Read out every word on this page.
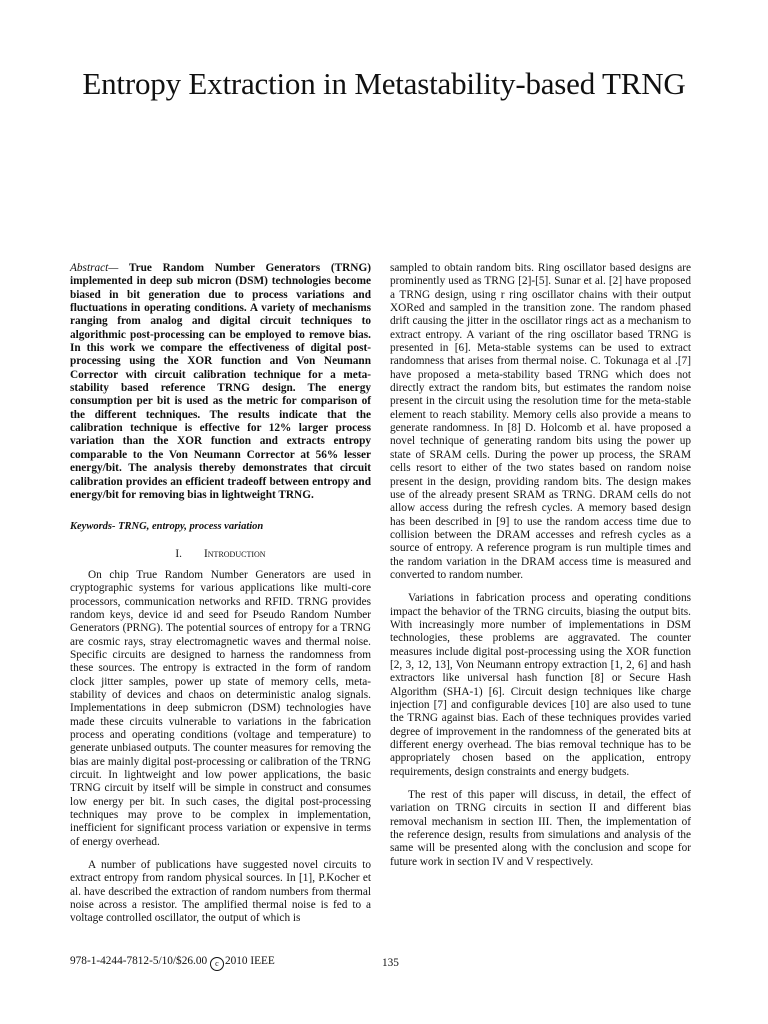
Entropy Extraction in Metastability-based TRNG

Abstract— True Random Number Generators (TRNG) implemented in deep sub micron (DSM) technologies become biased in bit generation due to process variations and fluctuations in operating conditions. A variety of mechanisms ranging from analog and digital circuit techniques to algorithmic post-processing can be employed to remove bias. In this work we compare the effectiveness of digital post-processing using the XOR function and Von Neumann Corrector with circuit calibration technique for a meta-stability based reference TRNG design. The energy consumption per bit is used as the metric for comparison of the different techniques. The results indicate that the calibration technique is effective for 12% larger process variation than the XOR function and extracts entropy comparable to the Von Neumann Corrector at 56% lesser energy/bit. The analysis thereby demonstrates that circuit calibration provides an efficient tradeoff between entropy and energy/bit for removing bias in lightweight TRNG.

Keywords- TRNG, entropy, process variation

I. Introduction

On chip True Random Number Generators are used in cryptographic systems for various applications like multi-core processors, communication networks and RFID. TRNG provides random keys, device id and seed for Pseudo Random Number Generators (PRNG). The potential sources of entropy for a TRNG are cosmic rays, stray electromagnetic waves and thermal noise. Specific circuits are designed to harness the randomness from these sources. The entropy is extracted in the form of random clock jitter samples, power up state of memory cells, meta-stability of devices and chaos on deterministic analog signals. Implementations in deep submicron (DSM) technologies have made these circuits vulnerable to variations in the fabrication process and operating conditions (voltage and temperature) to generate unbiased outputs. The counter measures for removing the bias are mainly digital post-processing or calibration of the TRNG circuit. In lightweight and low power applications, the basic TRNG circuit by itself will be simple in construct and consumes low energy per bit. In such cases, the digital post-processing techniques may prove to be complex in implementation, inefficient for significant process variation or expensive in terms of energy overhead.

A number of publications have suggested novel circuits to extract entropy from random physical sources. In [1], P.Kocher et al. have described the extraction of random numbers from thermal noise across a resistor. The amplified thermal noise is fed to a voltage controlled oscillator, the output of which is

sampled to obtain random bits. Ring oscillator based designs are prominently used as TRNG [2]-[5]. Sunar et al. [2] have proposed a TRNG design, using r ring oscillator chains with their output XORed and sampled in the transition zone. The random phased drift causing the jitter in the oscillator rings act as a mechanism to extract entropy. A variant of the ring oscillator based TRNG is presented in [6]. Meta-stable systems can be used to extract randomness that arises from thermal noise. C. Tokunaga et al .[7] have proposed a meta-stability based TRNG which does not directly extract the random bits, but estimates the random noise present in the circuit using the resolution time for the meta-stable element to reach stability. Memory cells also provide a means to generate randomness. In [8] D. Holcomb et al. have proposed a novel technique of generating random bits using the power up state of SRAM cells. During the power up process, the SRAM cells resort to either of the two states based on random noise present in the design, providing random bits. The design makes use of the already present SRAM as TRNG. DRAM cells do not allow access during the refresh cycles. A memory based design has been described in [9] to use the random access time due to collision between the DRAM accesses and refresh cycles as a source of entropy. A reference program is run multiple times and the random variation in the DRAM access time is measured and converted to random number.

Variations in fabrication process and operating conditions impact the behavior of the TRNG circuits, biasing the output bits. With increasingly more number of implementations in DSM technologies, these problems are aggravated. The counter measures include digital post-processing using the XOR function [2, 3, 12, 13], Von Neumann entropy extraction [1, 2, 6] and hash extractors like universal hash function [8] or Secure Hash Algorithm (SHA-1) [6]. Circuit design techniques like charge injection [7] and configurable devices [10] are also used to tune the TRNG against bias. Each of these techniques provides varied degree of improvement in the randomness of the generated bits at different energy overhead. The bias removal technique has to be appropriately chosen based on the application, entropy requirements, design constraints and energy budgets.

The rest of this paper will discuss, in detail, the effect of variation on TRNG circuits in section II and different bias removal mechanism in section III. Then, the implementation of the reference design, results from simulations and analysis of the same will be presented along with the conclusion and scope for future work in section IV and V respectively.

978-1-4244-7812-5/10/$26.00 c 2010 IEEE	135
